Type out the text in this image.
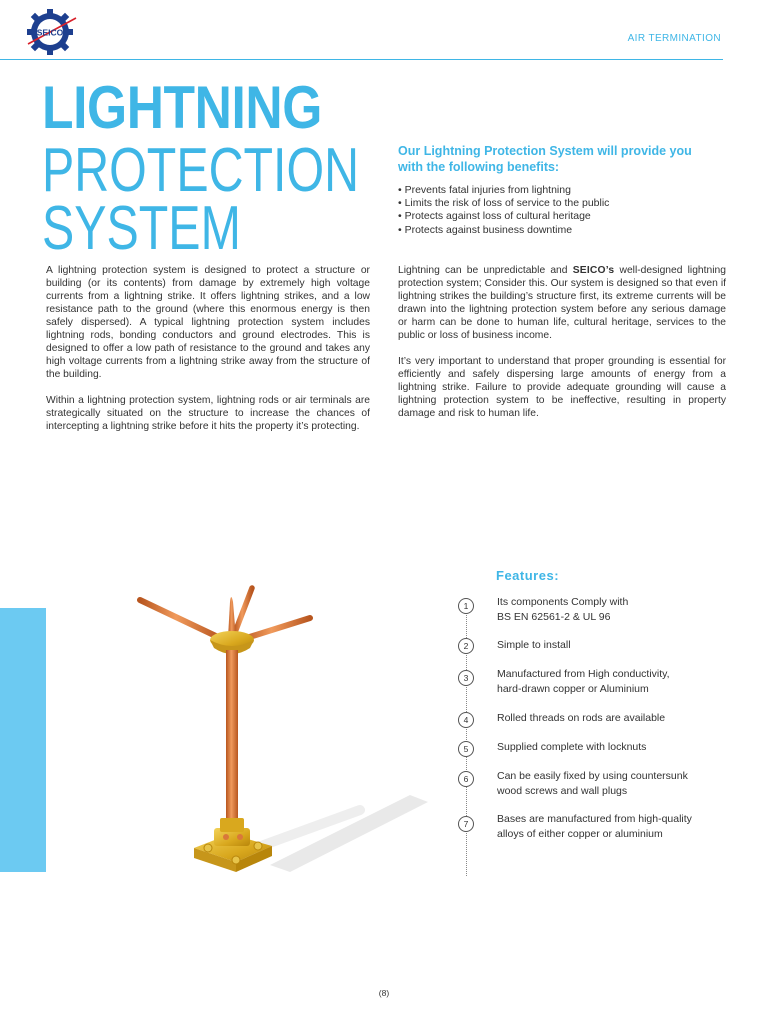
SEICO
AIR TERMINATION
LIGHTNING
PROTECTION
SYSTEM
Our Lightning Protection System will provide you with the following benefits:
• Prevents fatal injuries from lightning
• Limits the risk of loss of service to the public
• Protects against loss of cultural heritage
• Protects against business downtime

A lightning protection system is designed to protect a structure or building (or its contents) from damage by extremely high voltage currents from a lightning strike. It offers lightning strikes, and a low resistance path to the ground (where this enormous energy is then safely dispersed). A typical lightning protection system includes lightning rods, bonding conductors and ground electrodes. This is designed to offer a low path of resistance to the ground and takes any high voltage currents from a lightning strike away from the structure of the building.

Within a lightning protection system, lightning rods or air terminals are strategically situated on the structure to increase the chances of intercepting a lightning strike before it hits the property it’s protecting.

Lightning can be unpredictable and SEICO’s well-designed lightning protection system; Consider this. Our system is designed so that even if lightning strikes the building’s structure first, its extreme currents will be drawn into the lightning protection system before any serious damage or harm can be done to human life, cultural heritage, services to the public or loss of business income.

It’s very important to understand that proper grounding is essential for efficiently and safely dispersing large amounts of energy from a lightning strike. Failure to provide adequate grounding will cause a lightning protection system to be ineffective, resulting in property damage and risk to human life.

Features:
1	Its components Comply with
BS EN 62561-2 & UL 96
2	Simple to install
3	Manufactured from High conductivity,
hard-drawn copper or Aluminium
4	Rolled threads on rods are available
5	Supplied complete with locknuts
6	Can be easily fixed by using countersunk
wood screws and wall plugs
7	Bases are manufactured from high-quality
alloys of either copper or aluminium
(8)
